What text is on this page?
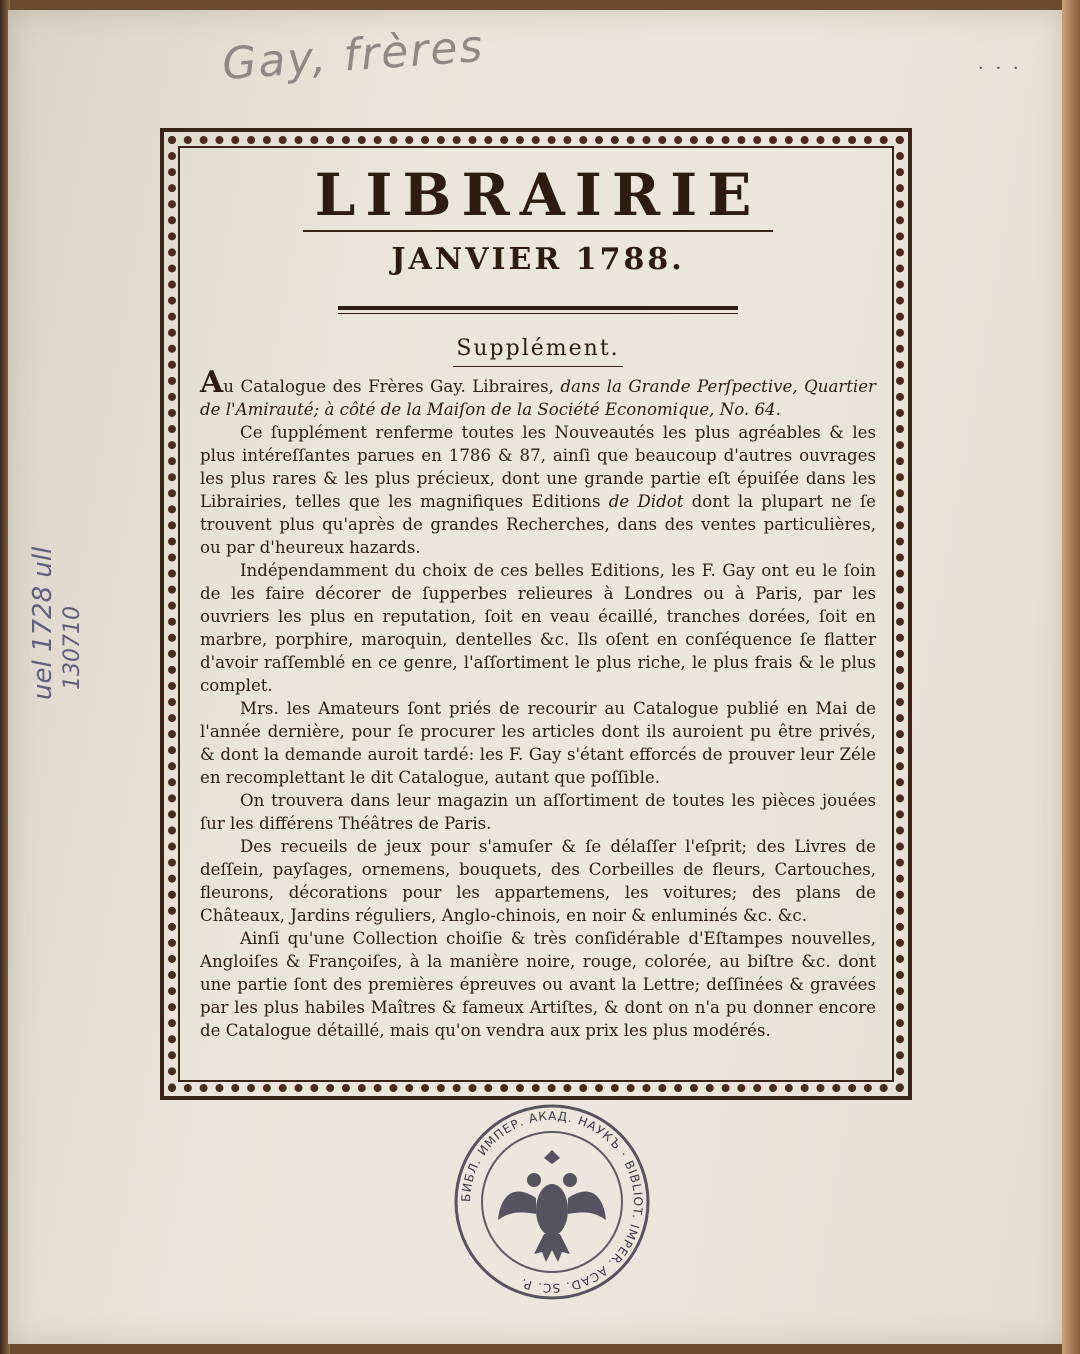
Gay, frères
uel 1728 ull 130710
· · ·
LIBRAIRIE
JANVIER 1788.
Supplément.

Au Catalogue des Frères Gay. Libraires, dans la Grande Perſpective, Quartier de l'Amirauté; à côté de la Maiſon de la Société Economique, No. 64.

Ce ſupplément renferme toutes les Nouveautés les plus agréables & les plus intéreſſantes parues en 1786 & 87, ainſi que beaucoup d'autres ouvrages les plus rares & les plus précieux, dont une grande partie eſt épuiſée dans les Librairies, telles que les magnifiques Editions de Didot dont la plupart ne ſe trouvent plus qu'après de grandes Recherches, dans des ventes particulières, ou par d'heureux hazards.

Indépendamment du choix de ces belles Editions, les F. Gay ont eu le ſoin de les faire décorer de ſupperbes relieures à Londres ou à Paris, par les ouvriers les plus en reputation, ſoit en veau écaillé, tranches dorées, ſoit en marbre, porphire, maroquin, dentelles &c. Ils oſent en conſéquence ſe flatter d'avoir raſſemblé en ce genre, l'aſſortiment le plus riche, le plus frais & le plus complet.

Mrs. les Amateurs ſont priés de recourir au Catalogue publié en Mai de l'année dernière, pour ſe procurer les articles dont ils auroient pu être privés, & dont la demande auroit tardé: les F. Gay s'étant efforcés de prouver leur Zéle en recomplettant le dit Catalogue, autant que poſſible.

On trouvera dans leur magazin un aſſortiment de toutes les pièces jouées ſur les différens Théâtres de Paris.

Des recueils de jeux pour s'amuſer & ſe délaſſer l'eſprit; des Livres de deſſein, payſages, ornemens, bouquets, des Corbeilles de fleurs, Cartouches, fleurons, décorations pour les appartemens, les voitures; des plans de Châteaux, Jardins réguliers, Anglo-chinois, en noir & enluminés &c. &c.

Ainſi qu'une Collection choiſie & très conſidérable d'Eſtampes nouvelles, Angloiſes & Françoiſes, à la manière noire, rouge, colorée, au biſtre &c. dont une partie ſont des premières épreuves ou avant la Lettre; deſſinées & gravées par les plus habiles Maîtres & fameux Artiſtes, & dont on n'a pu donner encore de Catalogue détaillé, mais qu'on vendra aux prix les plus modérés.

БИБЛ. ИМПЕР. АКАД. НАУКЪ · BIBLIOT. IMPER. ACAD. SC. P.
